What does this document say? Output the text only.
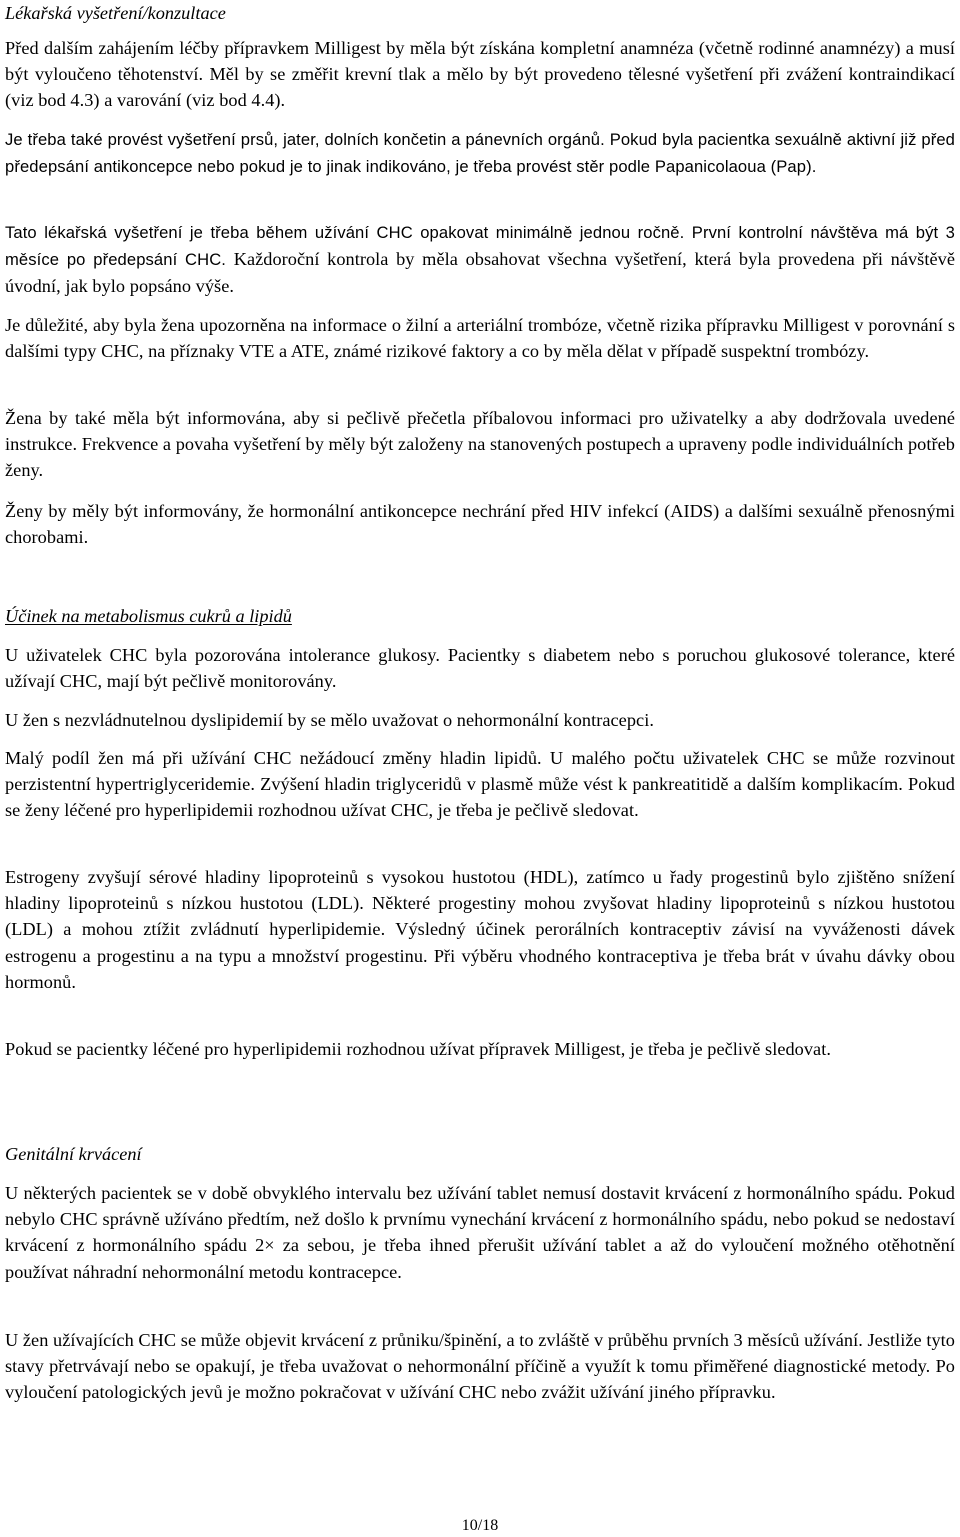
Lékařská vyšetření/konzultace

Před dalším zahájením léčby přípravkem Milligest by měla být získána kompletní anamnéza (včetně rodinné anamnézy) a musí být vyloučeno těhotenství. Měl by se změřit krevní tlak a mělo by být provedeno tělesné vyšetření při zvážení kontraindikací (viz bod 4.3) a varování (viz bod 4.4).

Je třeba také provést vyšetření prsů, jater, dolních končetin a pánevních orgánů. Pokud byla pacientka sexuálně aktivní již před předepsání antikoncepce nebo pokud je to jinak indikováno, je třeba provést stěr podle Papanicolaoua (Pap).

Tato lékařská vyšetření je třeba během užívání CHC opakovat minimálně jednou ročně. První kontrolní návštěva má být 3 měsíce po předepsání CHC. Každoroční kontrola by měla obsahovat všechna vyšetření, která byla provedena při návštěvě úvodní, jak bylo popsáno výše.

Je důležité, aby byla žena upozorněna na informace o žilní a arteriální trombóze, včetně rizika přípravku Milligest v porovnání s dalšími typy CHC, na příznaky VTE a ATE, známé rizikové faktory a co by měla dělat v případě suspektní trombózy.

Žena by také měla být informována, aby si pečlivě přečetla příbalovou informaci pro uživatelky a aby dodržovala uvedené instrukce. Frekvence a povaha vyšetření by měly být založeny na stanovených postupech a upraveny podle individuálních potřeb ženy.

Ženy by měly být informovány, že hormonální antikoncepce nechrání před HIV infekcí (AIDS) a dalšími sexuálně přenosnými chorobami.

Účinek na metabolismus cukrů a lipidů

U uživatelek CHC byla pozorována intolerance glukosy. Pacientky s diabetem nebo s poruchou glukosové tolerance, které užívají CHC, mají být pečlivě monitorovány.

U žen s nezvládnutelnou dyslipidemií by se mělo uvažovat o nehormonální kontracepci.

Malý podíl žen má při užívání CHC nežádoucí změny hladin lipidů. U malého počtu uživatelek CHC se může rozvinout perzistentní hypertriglyceridemie. Zvýšení hladin triglyceridů v plasmě může vést k pankreatitidě a dalším komplikacím. Pokud se ženy léčené pro hyperlipidemii rozhodnou užívat CHC, je třeba je pečlivě sledovat.

Estrogeny zvyšují sérové hladiny lipoproteinů s vysokou hustotou (HDL), zatímco u řady progestinů bylo zjištěno snížení hladiny lipoproteinů s nízkou hustotou (LDL). Některé progestiny mohou zvyšovat hladiny lipoproteinů s nízkou hustotou (LDL) a mohou ztížit zvládnutí hyperlipidemie. Výsledný účinek perorálních kontraceptiv závisí na vyváženosti dávek estrogenu a progestinu a na typu a množství progestinu. Při výběru vhodného kontraceptiva je třeba brát v úvahu dávky obou hormonů.

Pokud se pacientky léčené pro hyperlipidemii rozhodnou užívat přípravek Milligest, je třeba je pečlivě sledovat.

Genitální krvácení

U některých pacientek se v době obvyklého intervalu bez užívání tablet nemusí dostavit krvácení z hormonálního spádu. Pokud nebylo CHC správně užíváno předtím, než došlo k prvnímu vynechání krvácení z hormonálního spádu, nebo pokud se nedostaví krvácení z hormonálního spádu 2× za sebou, je třeba ihned přerušit užívání tablet a až do vyloučení možného otěhotnění používat náhradní nehormonální metodu kontracepce.

U žen užívajících CHC se může objevit krvácení z průniku/špinění, a to zvláště v průběhu prvních 3 měsíců užívání. Jestliže tyto stavy přetrvávají nebo se opakují, je třeba uvažovat o nehormonální příčině a využít k tomu přiměřené diagnostické metody. Po vyloučení patologických jevů je možno pokračovat v užívání CHC nebo zvážit užívání jiného přípravku.

10/18
